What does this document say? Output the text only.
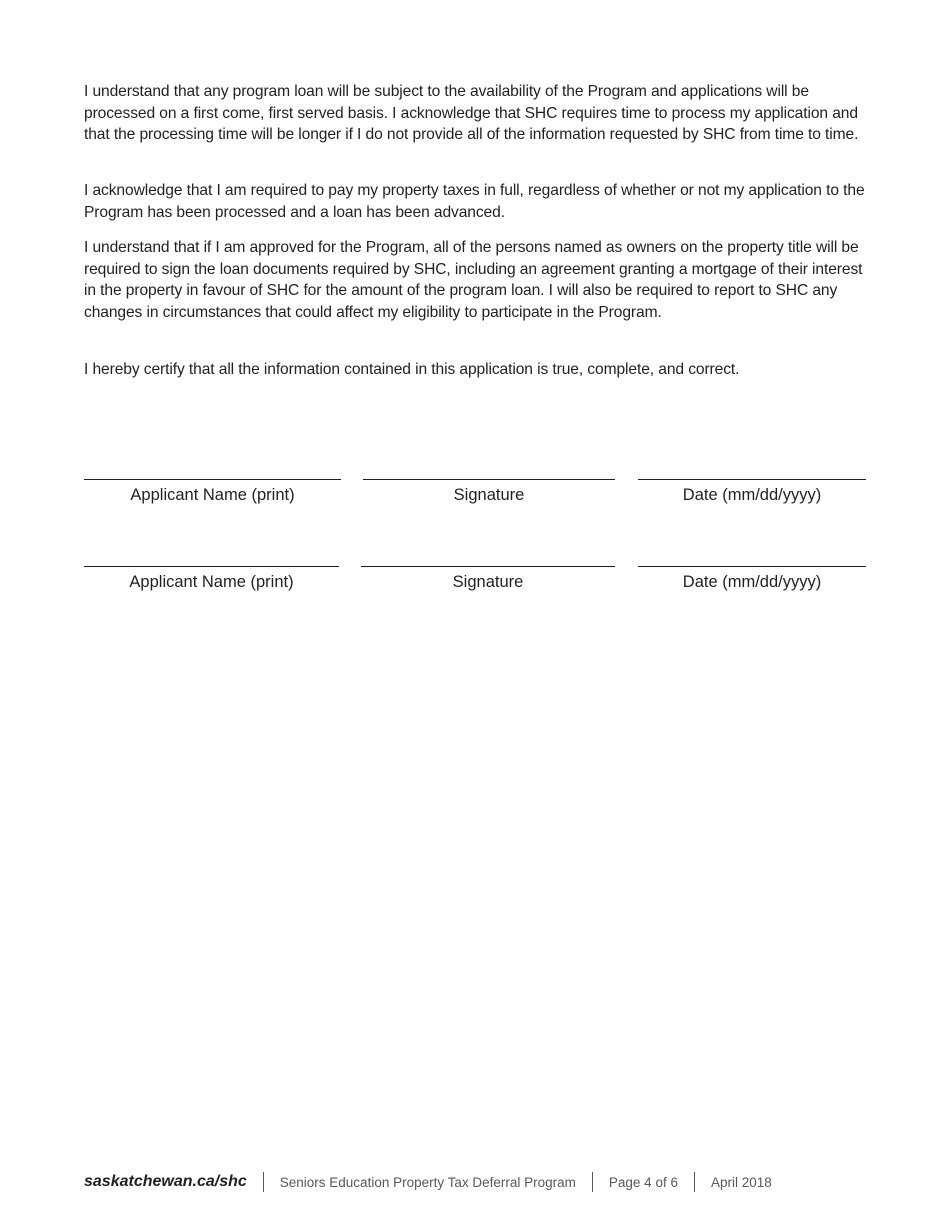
I understand that any program loan will be subject to the availability of the Program and applications will be processed on a first come, first served basis. I acknowledge that SHC requires time to process my application and that the processing time will be longer if I do not provide all of the information requested by SHC from time to time.

I acknowledge that I am required to pay my property taxes in full, regardless of whether or not my application to the Program has been processed and a loan has been advanced.

I understand that if I am approved for the Program, all of the persons named as owners on the property title will be required to sign the loan documents required by SHC, including an agreement granting a mortgage of their interest in the property in favour of SHC for the amount of the program loan. I will also be required to report to SHC any changes in circumstances that could affect my eligibility to participate in the Program.

I hereby certify that all the information contained in this application is true, complete, and correct.

Applicant Name (print)	Signature	Date (mm/dd/yyyy)
Applicant Name (print)	Signature	Date (mm/dd/yyyy)
saskatchewan.ca/shc Seniors Education Property Tax Deferral Program Page 4 of 6 April 2018
